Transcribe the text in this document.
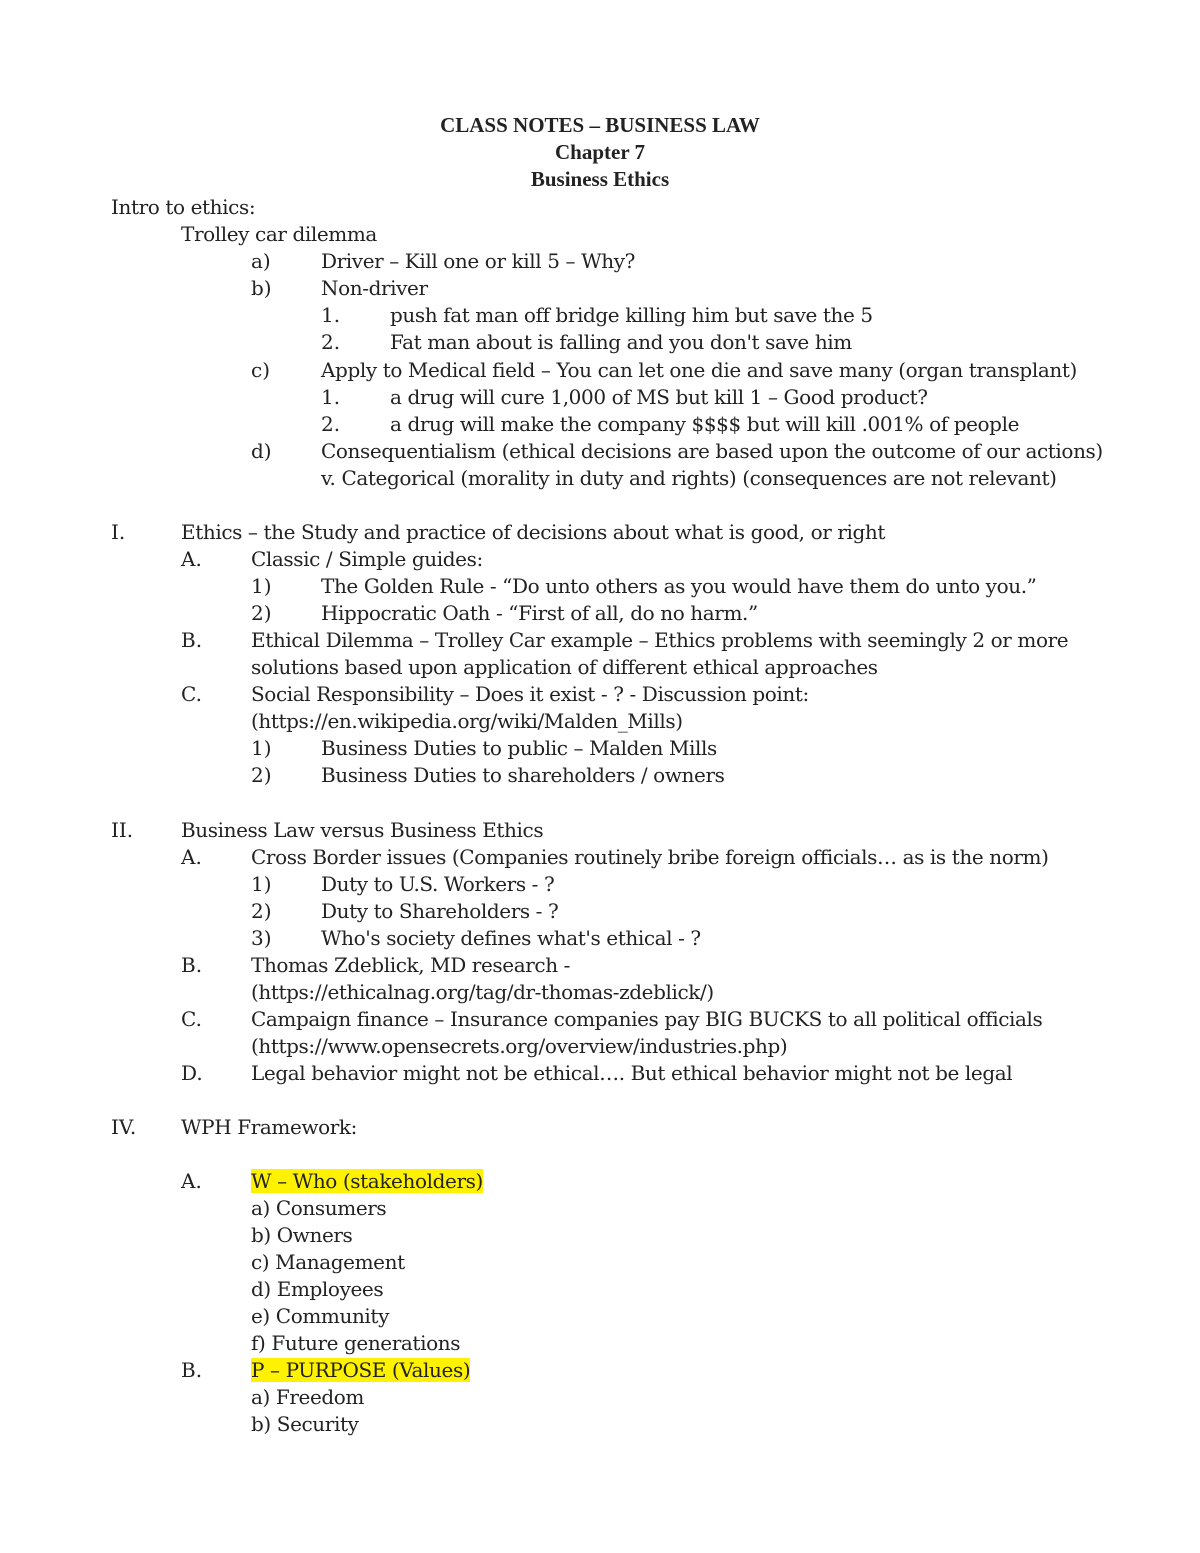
CLASS NOTES – BUSINESS LAW
Chapter 7
Business Ethics
Intro to ethics:
Trolley car dilemma
a)	Driver – Kill one or kill 5 – Why?
b) Non-driver
1. push fat man off bridge killing him but save the 5
2. Fat man about is falling and you don't save him
c)	Apply to Medical field – You can let one die and save many (organ transplant)
1. a drug will cure 1,000 of MS but kill 1 – Good product?
2. a drug will make the company $$$$ but will kill .001% of people
d) Consequentialism (ethical decisions are based upon the outcome of our actions)
v. Categorical (morality in duty and rights) (consequences are not relevant)
I.	Ethics – the Study and practice of decisions about what is good, or right
A. Classic / Simple guides:
1) The Golden Rule - “Do unto others as you would have them do unto you.”
2) Hippocratic Oath - “First of all, do no harm.”
B. Ethical Dilemma – Trolley Car example – Ethics problems with seemingly 2 or more
solutions based upon application of different ethical approaches
C. Social Responsibility – Does it exist - ? - Discussion point:
(https://en.wikipedia.org/wiki/Malden_Mills)
1) Business Duties to public – Malden Mills
2) Business Duties to shareholders / owners
II. Business Law versus Business Ethics
A. Cross Border issues (Companies routinely bribe foreign officials… as is the norm)
1) Duty to U.S. Workers - ?
2) Duty to Shareholders - ?
3) Who's society defines what's ethical - ?
B. Thomas Zdeblick, MD research -
(https://ethicalnag.org/tag/dr-thomas-zdeblick/)
C. Campaign finance – Insurance companies pay BIG BUCKS to all political officials
(https://www.opensecrets.org/overview/industries.php)
D. Legal behavior might not be ethical…. But ethical behavior might not be legal
IV. WPH Framework:
A. W – Who (stakeholders)
a) Consumers
b) Owners
c) Management
d) Employees
e) Community
f) Future generations
B. P – PURPOSE (Values)
a) Freedom
b) Security
